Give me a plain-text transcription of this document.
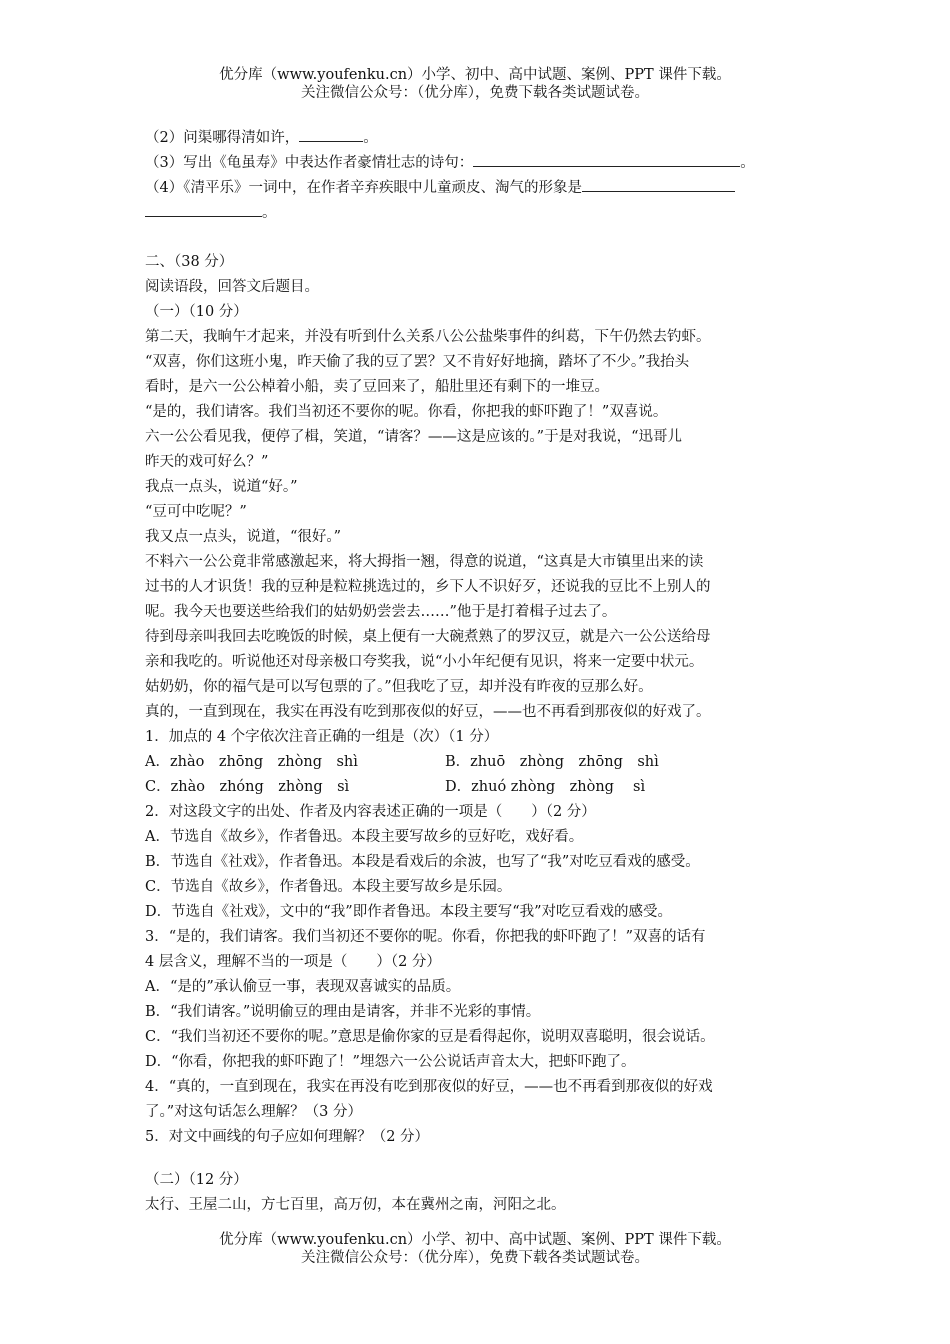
优分库（www.youfenku.cn）小学、初中、高中试题、案例、PPT 课件下载。
关注微信公众号：（优分库），免费下载各类试题试卷。
（2）问渠哪得清如许，	。
（3）写出《龟虽寿》中表达作者豪情壮志的诗句：	。
（4）《清平乐》一词中，在作者辛弃疾眼中儿童顽皮、淘气的形象是
。
二、（38 分）
阅读语段，回答文后题目。
（一）（10 分）
第二天，我晌午才起来，并没有听到什么关系八公公盐柴事件的纠葛，下午仍然去钓虾。
“双喜，你们这班小鬼，昨天偷了我的豆了罢？又不肯好好地摘，踏坏了不少。”我抬头
看时，是六一公公棹着小船，卖了豆回来了，船肚里还有剩下的一堆豆。
“是的，我们请客。我们当初还不要你的呢。你看，你把我的虾吓跑了！”双喜说。
六一公公看见我，便停了楫，笑道，“请客？——这是应该的。”于是对我说，“迅哥儿
昨天的戏可好么？”
我点一点头，说道“好。”
“豆可中吃呢？”
我又点一点头，说道，“很好。”
不料六一公公竟非常感激起来，将大拇指一翘，得意的说道，“这真是大市镇里出来的读
过书的人才识货！我的豆种是粒粒挑选过的，乡下人不识好歹，还说我的豆比不上别人的
呢。我今天也要送些给我们的姑奶奶尝尝去……”他于是打着楫子过去了。
待到母亲叫我回去吃晚饭的时候，桌上便有一大碗煮熟了的罗汉豆，就是六一公公送给母
亲和我吃的。听说他还对母亲极口夸奖我，说“小小年纪便有见识，将来一定要中状元。
姑奶奶，你的福气是可以写包票的了。”但我吃了豆，却并没有昨夜的豆那么好。
真的，一直到现在，我实在再没有吃到那夜似的好豆，——也不再看到那夜似的好戏了。
1．加点的 4 个字依次注音正确的一组是（次）（1 分）
A．zhào　zhōng　zhòng　shì	B．zhuō　zhòng　zhōng　shì
C．zhào　zhóng　zhòng　sì	D．zhuó zhòng　zhòng　 sì
2．对这段文字的出处、作者及内容表述正确的一项是（　　）（2 分）
A．节选自《故乡》，作者鲁迅。本段主要写故乡的豆好吃，戏好看。
B．节选自《社戏》，作者鲁迅。本段是看戏后的余波，也写了“我”对吃豆看戏的感受。
C．节选自《故乡》，作者鲁迅。本段主要写故乡是乐园。
D．节选自《社戏》，文中的“我”即作者鲁迅。本段主要写“我”对吃豆看戏的感受。
3．“是的，我们请客。我们当初还不要你的呢。你看，你把我的虾吓跑了！”双喜的话有
4 层含义，理解不当的一项是（　　）（2 分）
A．“是的”承认偷豆一事，表现双喜诚实的品质。
B．“我们请客。”说明偷豆的理由是请客，并非不光彩的事情。
C．“我们当初还不要你的呢。”意思是偷你家的豆是看得起你，说明双喜聪明，很会说话。
D．“你看，你把我的虾吓跑了！”埋怨六一公公说话声音太大，把虾吓跑了。
4．“真的，一直到现在，我实在再没有吃到那夜似的好豆，——也不再看到那夜似的好戏
了。”对这句话怎么理解？（3 分）
5．对文中画线的句子应如何理解？（2 分）
（二）（12 分）
太行、王屋二山，方七百里，高万仞，本在冀州之南，河阳之北。
优分库（www.youfenku.cn）小学、初中、高中试题、案例、PPT 课件下载。
关注微信公众号：（优分库），免费下载各类试题试卷。
